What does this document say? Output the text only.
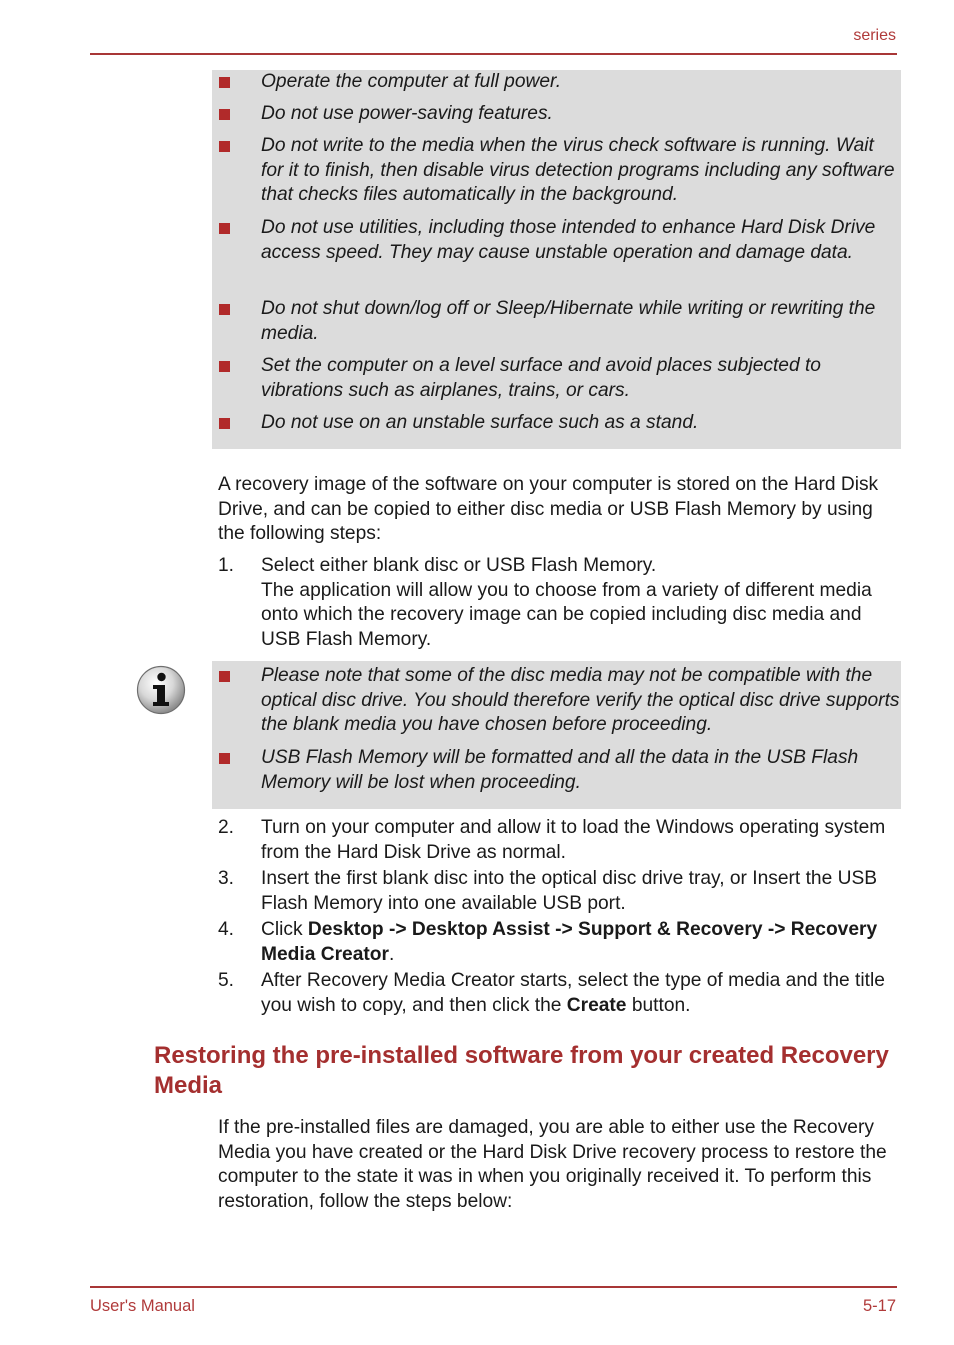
series
Operate the computer at full power.
Do not use power-saving features.
Do not write to the media when the virus check software is running. Wait for it to finish, then disable virus detection programs including any software that checks files automatically in the background.
Do not use utilities, including those intended to enhance Hard Disk Drive access speed. They may cause unstable operation and damage data.
Do not shut down/log off or Sleep/Hibernate while writing or rewriting the media.
Set the computer on a level surface and avoid places subjected to vibrations such as airplanes, trains, or cars.
Do not use on an unstable surface such as a stand.
A recovery image of the software on your computer is stored on the Hard Disk Drive, and can be copied to either disc media or USB Flash Memory by using the following steps:
1. Select either blank disc or USB Flash Memory.
The application will allow you to choose from a variety of different media onto which the recovery image can be copied including disc media and USB Flash Memory.
Please note that some of the disc media may not be compatible with the optical disc drive. You should therefore verify the optical disc drive supports the blank media you have chosen before proceeding.
USB Flash Memory will be formatted and all the data in the USB Flash Memory will be lost when proceeding.
2. Turn on your computer and allow it to load the Windows operating system from the Hard Disk Drive as normal.
3. Insert the first blank disc into the optical disc drive tray, or Insert the USB Flash Memory into one available USB port.
4. Click Desktop -> Desktop Assist -> Support & Recovery -> Recovery Media Creator.
5. After Recovery Media Creator starts, select the type of media and the title you wish to copy, and then click the Create button.
Restoring the pre-installed software from your created Recovery Media
If the pre-installed files are damaged, you are able to either use the Recovery Media you have created or the Hard Disk Drive recovery process to restore the computer to the state it was in when you originally received it. To perform this restoration, follow the steps below:
User's Manual	5-17
